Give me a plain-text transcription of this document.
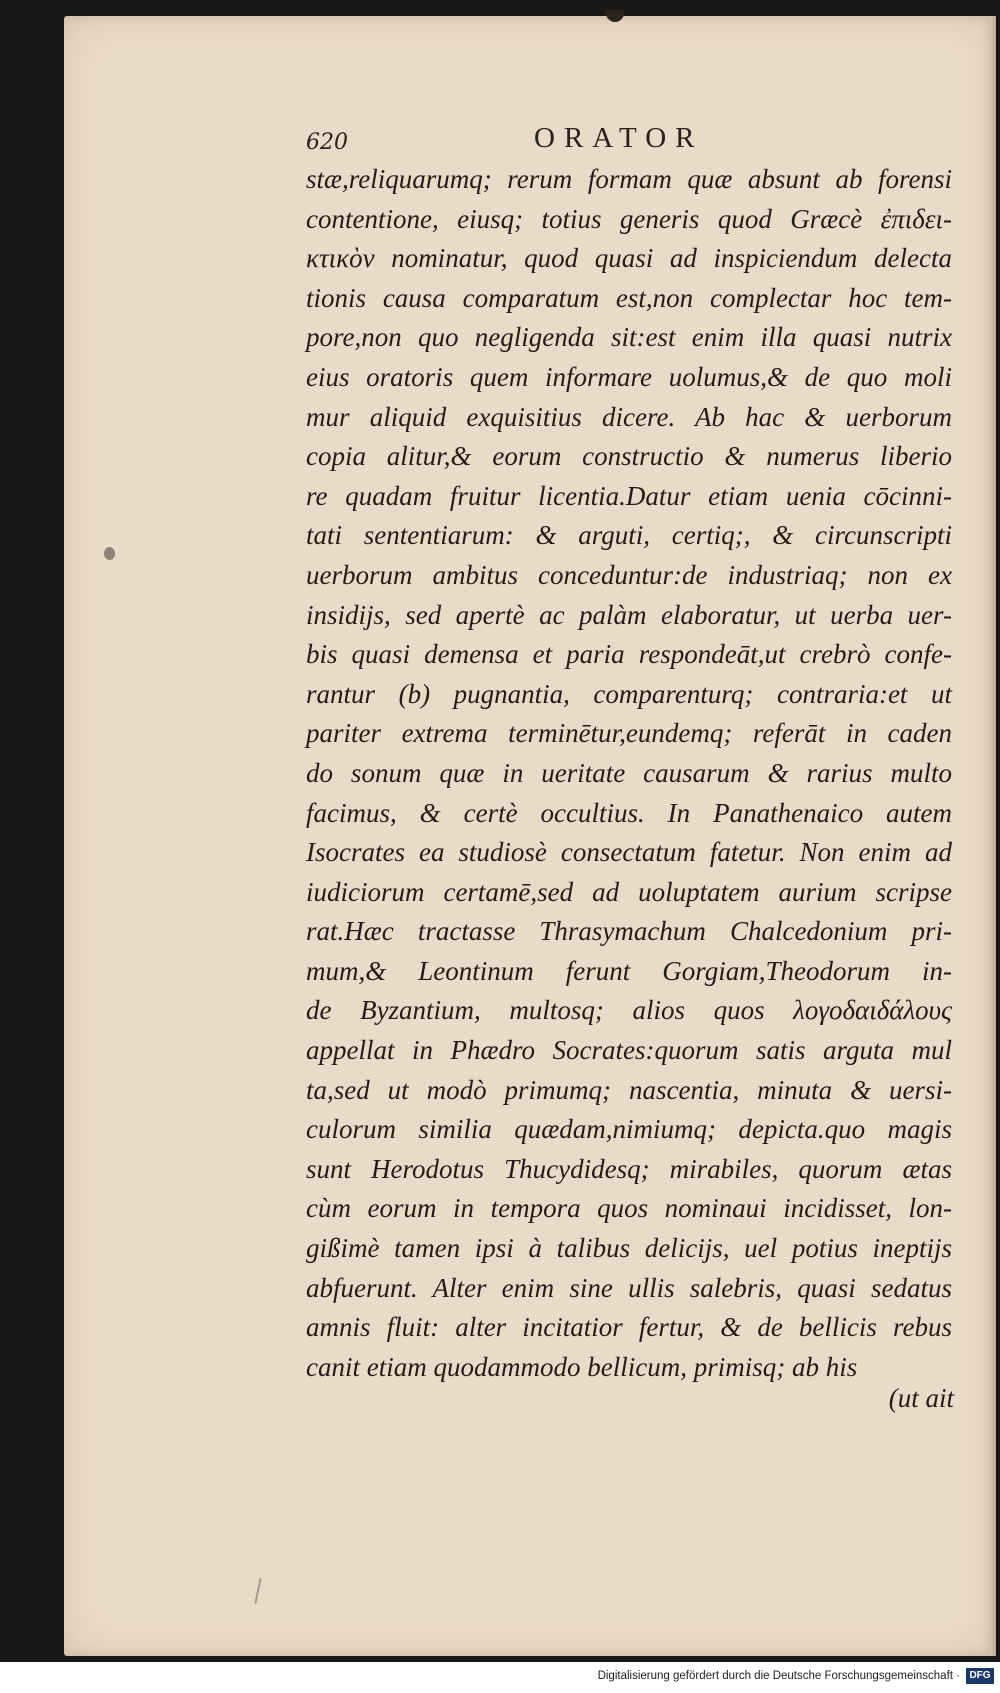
620	ORATOR
stæ,reliquarumq; rerum formam quæ absunt ab forensi
contentione, eiusq; totius generis quod Græcè ἐπιδει-
κτικὸν nominatur, quod quasi ad inspiciendum delecta
tionis causa comparatum est,non complectar hoc tem-
pore,non quo negligenda sit:est enim illa quasi nutrix
eius oratoris quem informare uolumus,& de quo moli
mur aliquid exquisitius dicere. Ab hac & uerborum
copia alitur,& eorum constructio & numerus liberio
re quadam fruitur licentia.Datur etiam uenia cōcinni-
tati sententiarum: & arguti, certiq;, & circunscripti
uerborum ambitus conceduntur:de industriaq; non ex
insidijs, sed apertè ac palàm elaboratur, ut uerba uer-
bis quasi demensa et paria respondeāt,ut crebrò confe-
rantur (b) pugnantia, comparenturq; contraria:et ut
pariter extrema terminētur,eundemq; referāt in caden
do sonum quæ in ueritate causarum & rarius multo
facimus, & certè occultius. In Panathenaico autem
Isocrates ea studiosè consectatum fatetur. Non enim ad
iudiciorum certamē,sed ad uoluptatem aurium scripse
rat.Hæc tractasse Thrasymachum Chalcedonium pri-
mum,& Leontinum ferunt Gorgiam,Theodorum in-
de Byzantium, multosq; alios quos λογοδαιδάλους
appellat in Phædro Socrates:quorum satis arguta mul
ta,sed ut modò primumq; nascentia, minuta & uersi-
culorum similia quædam,nimiumq; depicta.quo magis
sunt Herodotus Thucydidesq; mirabiles, quorum ætas
cùm eorum in tempora quos nominaui incidisset, lon-
gißimè tamen ipsi à talibus delicijs, uel potius ineptijs
abfuerunt. Alter enim sine ullis salebris, quasi sedatus
amnis fluit: alter incitatior fertur, & de bellicis rebus
canit etiam quodammodo bellicum, primisq; ab his
(ut ait
Digitalisierung gefördert durch die Deutsche Forschungsgemeinschaft · DFG
